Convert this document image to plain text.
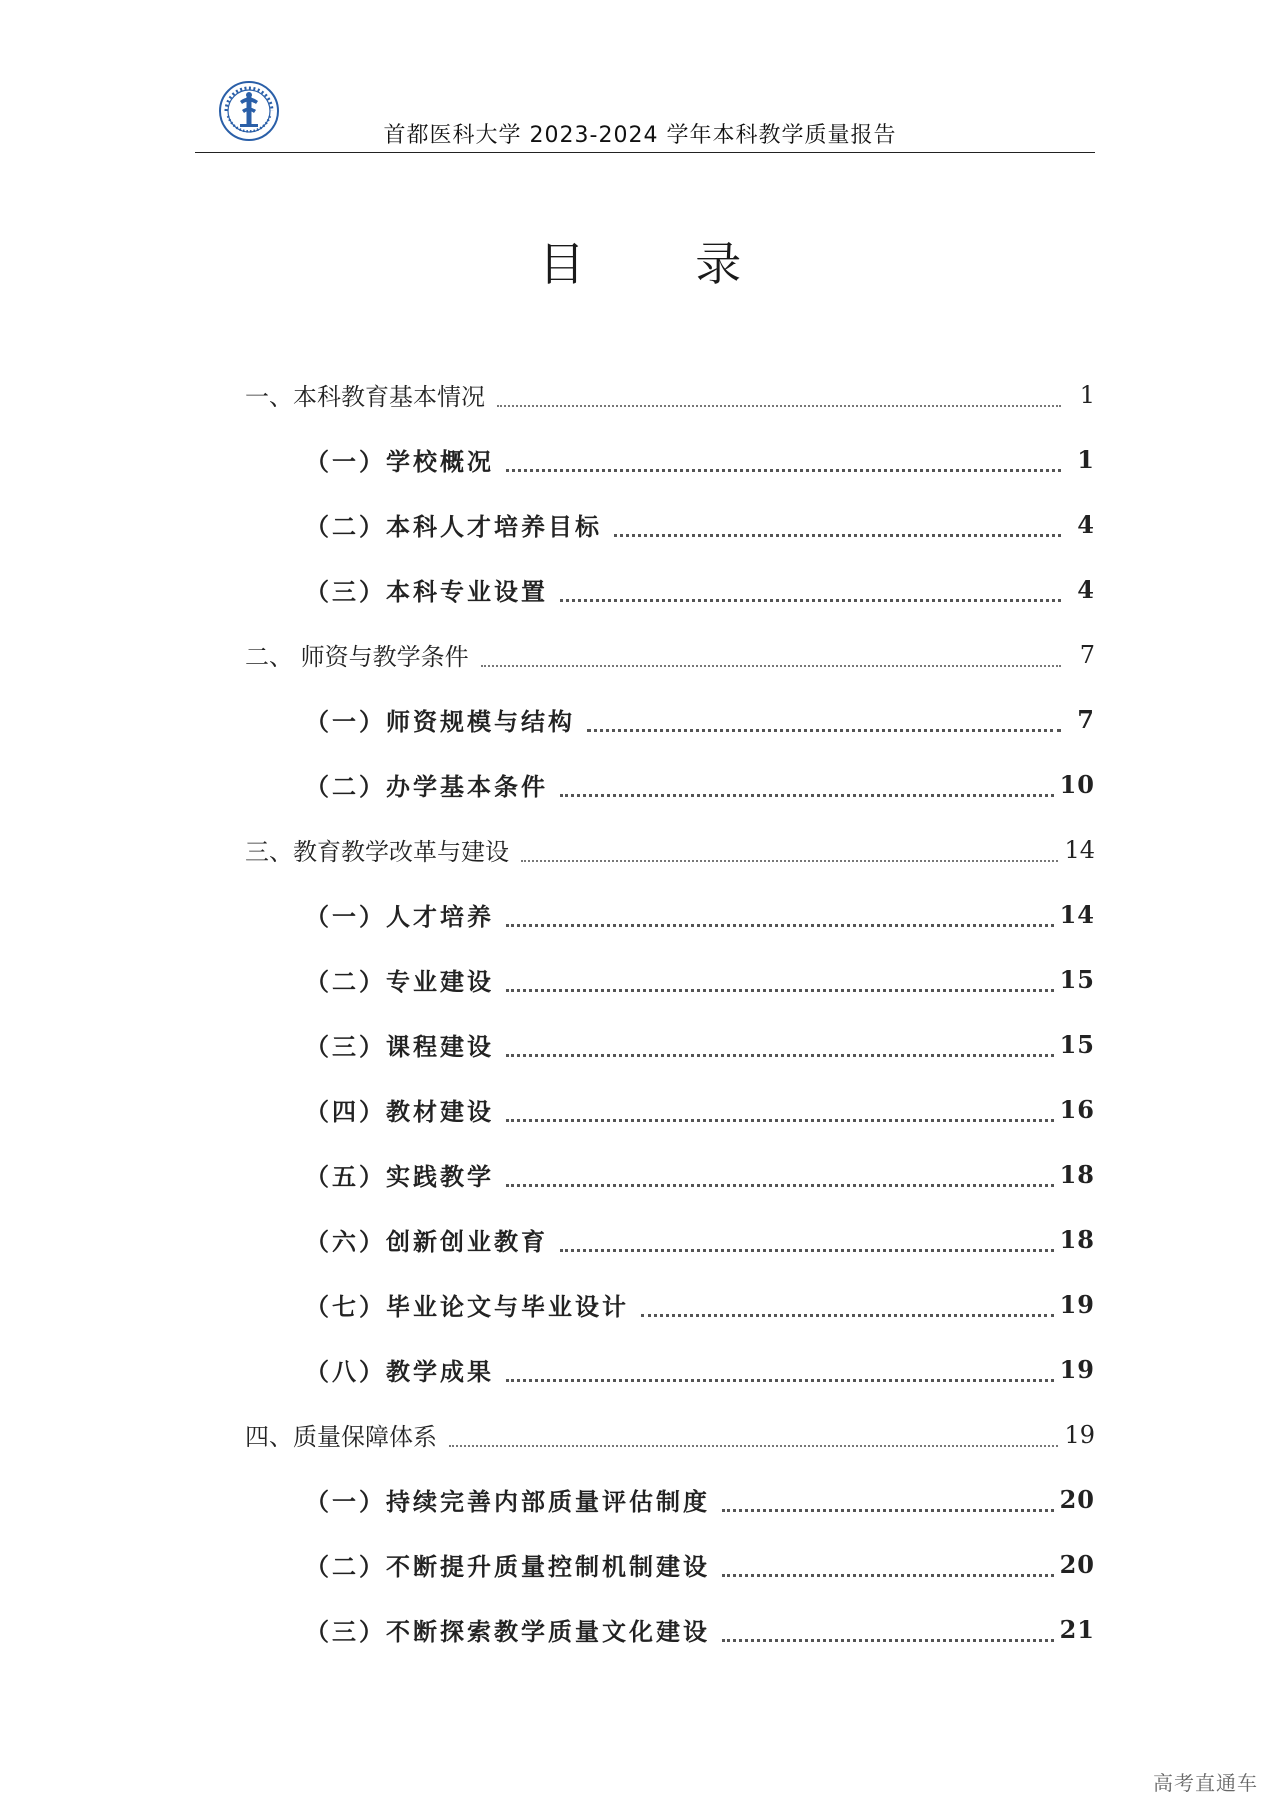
首都医科大学 2023-2024 学年本科教学质量报告
目 录
一、本科教育基本情况	1
（一）学校概况	1
（二）本科人才培养目标	4
（三）本科专业设置	4
二、 师资与教学条件	7
（一）师资规模与结构	7
（二）办学基本条件	10
三、教育教学改革与建设	14
（一）人才培养	14
（二）专业建设	15
（三）课程建设	15
（四）教材建设	16
（五）实践教学	18
（六）创新创业教育	18
（七）毕业论文与毕业设计	19
（八）教学成果	19
四、质量保障体系	19
（一）持续完善内部质量评估制度	20
（二）不断提升质量控制机制建设	20
（三）不断探索教学质量文化建设	21
高考直通车
